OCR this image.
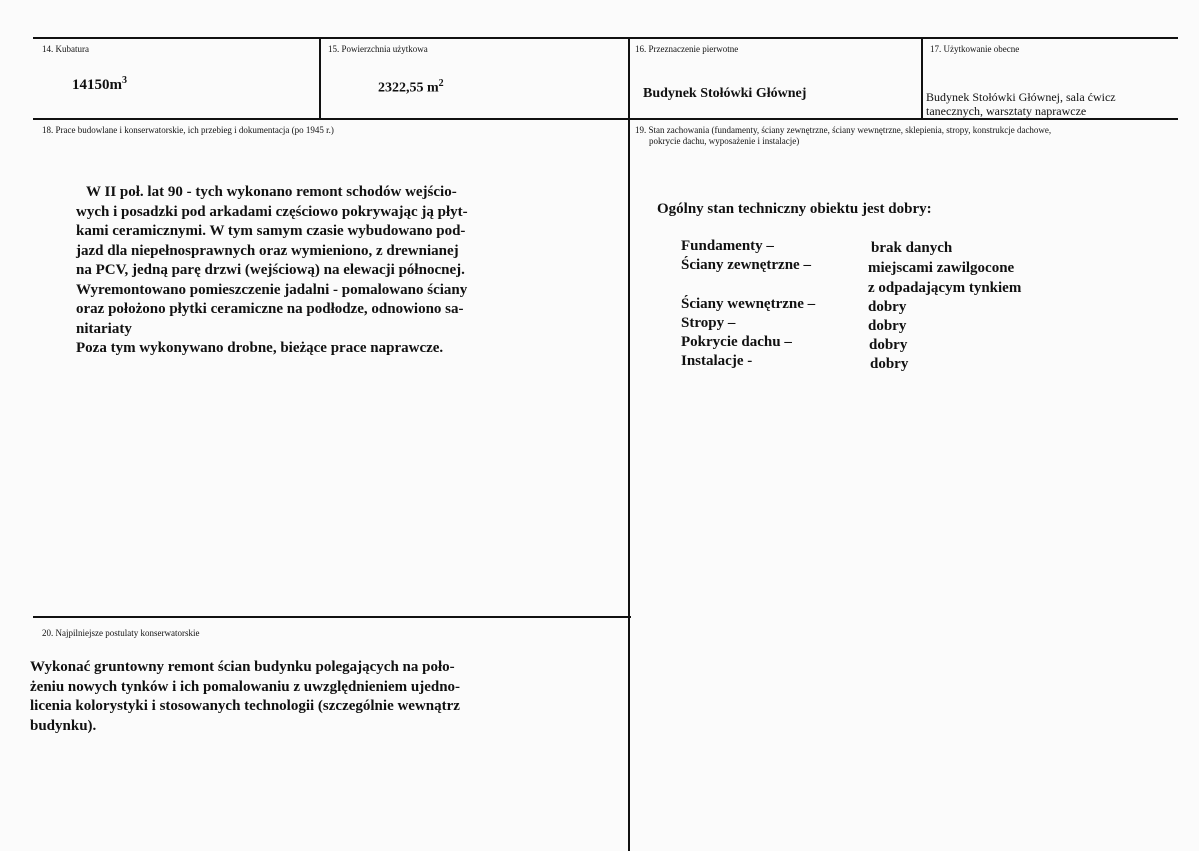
14. Kubatura
$14150m^3$
15. Powierzchnia użytkowa
2322,55 $m^2$
16. Przeznaczenie pierwotne
Budynek Stołówki Głównej
17. Użytkowanie obecne
Budynek Stołówki Głównej, sala ćwicz
tanecznych, warsztaty naprawcze
18. Prace budowlane i konserwatorskie, ich przebieg i dokumentacja (po 1945 r.)
W II poł. lat 90 - tych wykonano remont schodów wejścio-
wych i posadzki pod arkadami częściowo pokrywając ją płyt-
kami ceramicznymi. W tym samym czasie wybudowano pod-
jazd dla niepełnosprawnych oraz wymieniono, z drewnianej
na PCV, jedną parę drzwi (wejściową) na elewacji północnej.
Wyremontowano pomieszczenie jadalni - pomalowano ściany
oraz położono płytki ceramiczne na podłodze, odnowiono sa-
nitariaty
Poza tym wykonywano drobne, bieżące prace naprawcze.
19. Stan zachowania (fundamenty, ściany zewnętrzne, ściany wewnętrzne, sklepienia, stropy, konstrukcje dachowe,
pokrycie dachu, wyposażenie i instalacje)
Ogólny stan techniczny obiektu jest dobry:
Fundamenty –	brak danych
Ściany zewnętrzne –	miejscami zawilgocone
z odpadającym tynkiem
Ściany wewnętrzne –	dobry
Stropy –	dobry
Pokrycie dachu –	dobry
Instalacje -	dobry
20. Najpilniejsze postulaty konserwatorskie
Wykonać gruntowny remont ścian budynku polegających na poło-
żeniu nowych tynków i ich pomalowaniu z uwzględnieniem ujedno-
licenia kolorystyki i stosowanych technologii (szczególnie wewnątrz
budynku).
